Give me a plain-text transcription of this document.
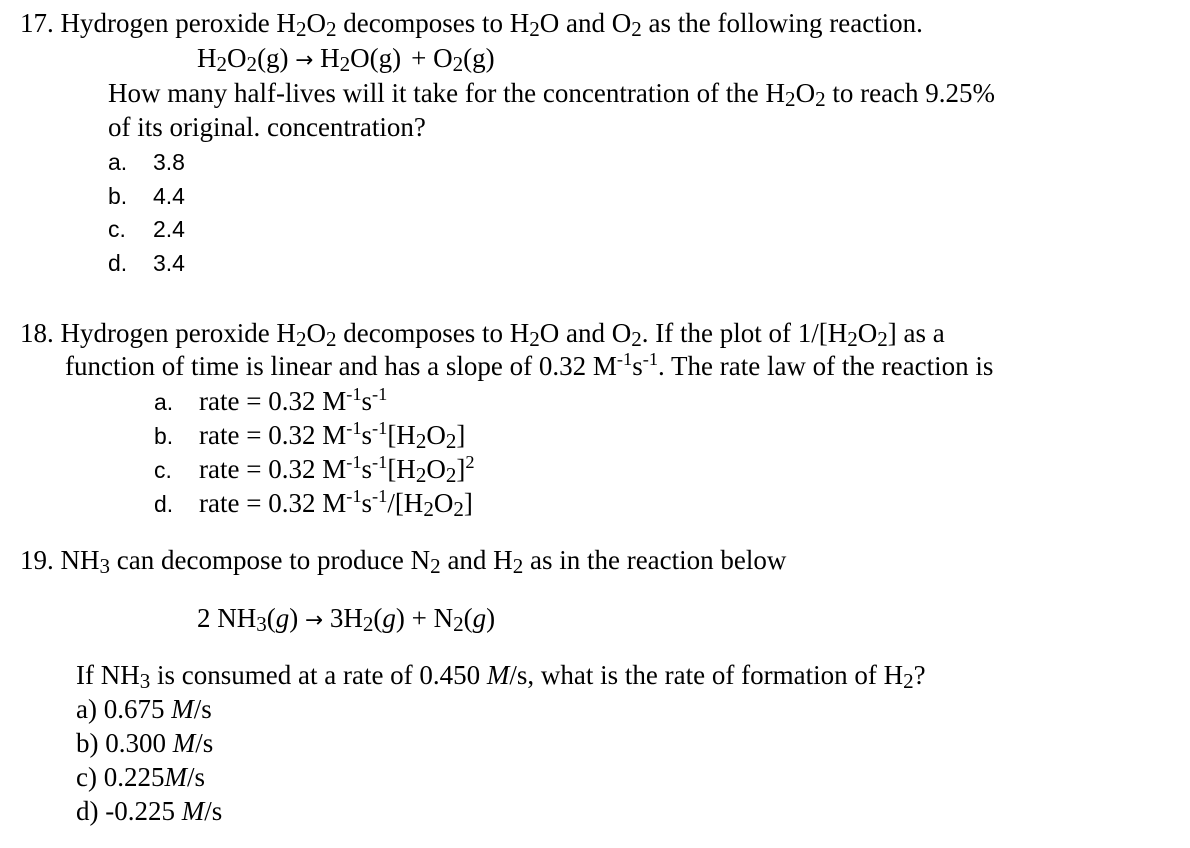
17. Hydrogen peroxide H2O2 decomposes to H2O and O2 as the following reaction.
H2O2(g) → H2O(g) + O2(g)
How many half-lives will it take for the concentration of the H2O2 to reach 9.25%
of its original. concentration?
a. 3.8
b. 4.4
c. 2.4
d. 3.4
18. Hydrogen peroxide H2O2 decomposes to H2O and O2. If the plot of 1/[H2O2] as a
function of time is linear and has a slope of 0.32 $M^{-1}s^{-1}$. The rate law of the reaction is
a. rate = 0.32 $M^{-1}s^{-1}$
b. rate = 0.32 $M^{-1}s^{-1}[H2O2]$
c. rate = 0.32 $M^{-1}s^{-1}[H2O2]^2$
d. rate = 0.32 $M^{-1}s^{-1}/[H2O2]$
19. NH3 can decompose to produce N2 and H2 as in the reaction below
2 NH3(g) → 3H2(g) + N2(g)
If NH3 is consumed at a rate of 0.450 M/s, what is the rate of formation of H2?
a) 0.675 M/s
b) 0.300 M/s
c) 0.225M/s
d) -0.225 M/s
